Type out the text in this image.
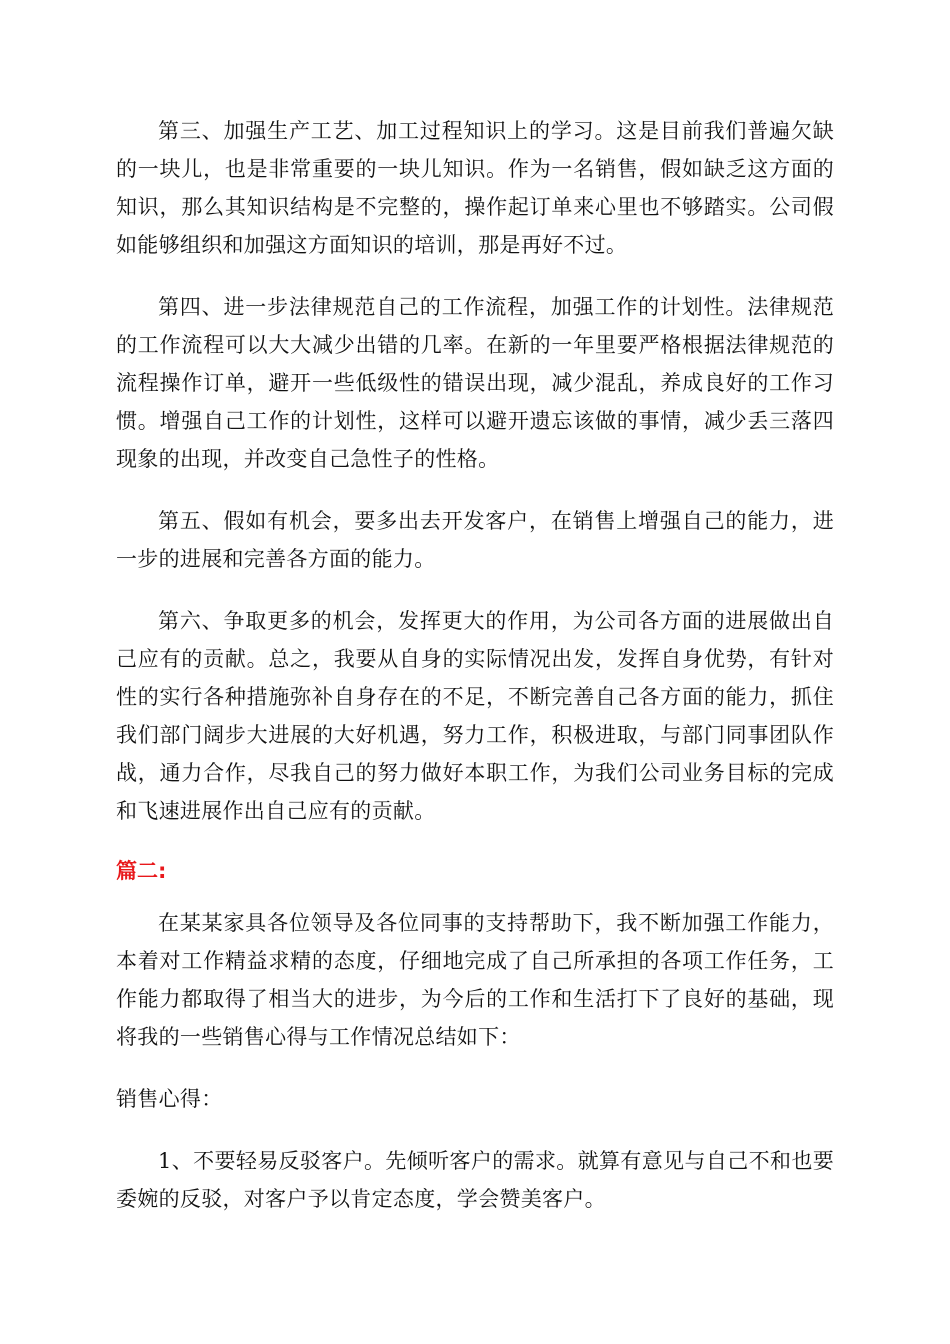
第三、加强生产工艺、加工过程知识上的学习。这是目前我们普遍欠缺的一块儿，也是非常重要的一块儿知识。作为一名销售，假如缺乏这方面的知识，那么其知识结构是不完整的，操作起订单来心里也不够踏实。公司假如能够组织和加强这方面知识的培训，那是再好不过。

第四、进一步法律规范自己的工作流程，加强工作的计划性。法律规范的工作流程可以大大减少出错的几率。在新的一年里要严格根据法律规范的流程操作订单，避开一些低级性的错误出现，减少混乱，养成良好的工作习惯。增强自己工作的计划性，这样可以避开遗忘该做的事情，减少丢三落四现象的出现，并改变自己急性子的性格。

第五、假如有机会，要多出去开发客户，在销售上增强自己的能力，进一步的进展和完善各方面的能力。

第六、争取更多的机会，发挥更大的作用，为公司各方面的进展做出自己应有的贡献。总之，我要从自身的实际情况出发，发挥自身优势，有针对性的实行各种措施弥补自身存在的不足，不断完善自己各方面的能力，抓住我们部门阔步大进展的大好机遇，努力工作，积极进取，与部门同事团队作战，通力合作，尽我自己的努力做好本职工作，为我们公司业务目标的完成和飞速进展作出自己应有的贡献。

篇二:

在某某家具各位领导及各位同事的支持帮助下，我不断加强工作能力，本着对工作精益求精的态度，仔细地完成了自己所承担的各项工作任务，工作能力都取得了相当大的进步，为今后的工作和生活打下了良好的基础，现将我的一些销售心得与工作情况总结如下：

销售心得：

1、不要轻易反驳客户。先倾听客户的需求。就算有意见与自己不和也要委婉的反驳，对客户予以肯定态度，学会赞美客户。
